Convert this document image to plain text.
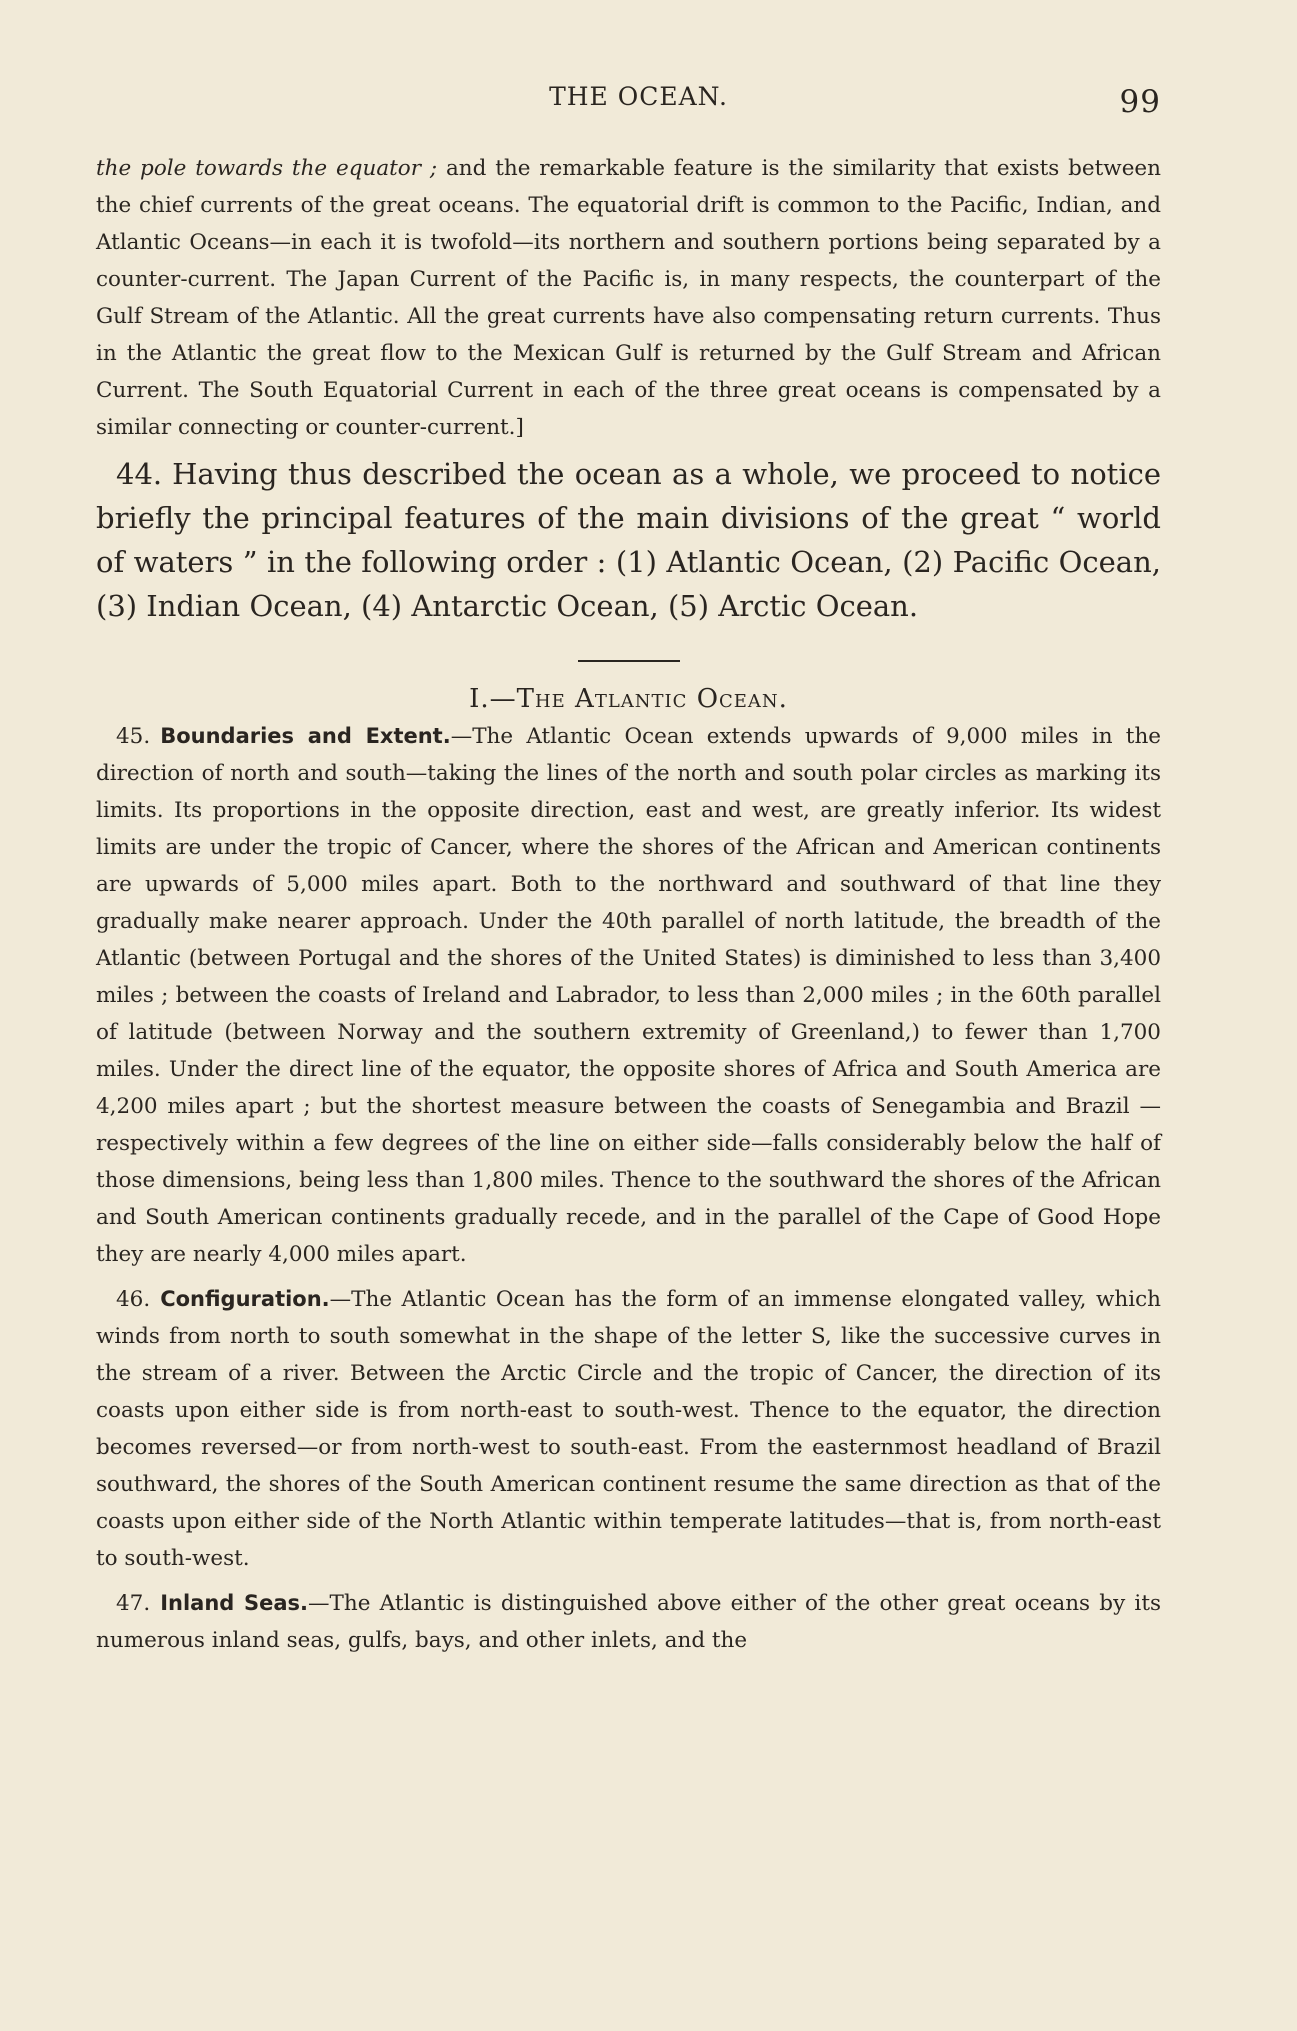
THE OCEAN.	99

the pole towards the equator ; and the remarkable feature is the similarity that exists between the chief currents of the great oceans. The equatorial drift is common to the Pacific, Indian, and Atlantic Oceans—in each it is twofold—its northern and southern portions being separated by a counter-current. The Japan Current of the Pacific is, in many respects, the counterpart of the Gulf Stream of the Atlantic. All the great currents have also compensating return currents. Thus in the Atlantic the great flow to the Mexican Gulf is returned by the Gulf Stream and African Current. The South Equatorial Current in each of the three great oceans is compensated by a similar connecting or counter-current.]

44. Having thus described the ocean as a whole, we proceed to notice briefly the principal features of the main divisions of the great “ world of waters ” in the following order : (1) Atlantic Ocean, (2) Pacific Ocean, (3) Indian Ocean, (4) Antarctic Ocean, (5) Arctic Ocean.

I.—The Atlantic Ocean.

45. Boundaries and Extent.—The Atlantic Ocean extends upwards of 9,000 miles in the direction of north and south—taking the lines of the north and south polar circles as marking its limits. Its proportions in the opposite direction, east and west, are greatly inferior. Its widest limits are under the tropic of Cancer, where the shores of the African and American continents are upwards of 5,000 miles apart. Both to the northward and southward of that line they gradually make nearer approach. Under the 40th parallel of north latitude, the breadth of the Atlantic (between Portugal and the shores of the United States) is diminished to less than 3,400 miles ; between the coasts of Ireland and Labrador, to less than 2,000 miles ; in the 60th parallel of latitude (between Norway and the southern extremity of Greenland,) to fewer than 1,700 miles. Under the direct line of the equator, the opposite shores of Africa and South America are 4,200 miles apart ; but the shortest measure between the coasts of Senegambia and Brazil — respectively within a few degrees of the line on either side—falls considerably below the half of those dimensions, being less than 1,800 miles. Thence to the southward the shores of the African and South American continents gradually recede, and in the parallel of the Cape of Good Hope they are nearly 4,000 miles apart.

46. Configuration.—The Atlantic Ocean has the form of an immense elongated valley, which winds from north to south somewhat in the shape of the letter S, like the successive curves in the stream of a river. Between the Arctic Circle and the tropic of Cancer, the direction of its coasts upon either side is from north-east to south-west. Thence to the equator, the direction becomes reversed—or from north-west to south-east. From the easternmost headland of Brazil southward, the shores of the South American continent resume the same direction as that of the coasts upon either side of the North Atlantic within temperate latitudes—that is, from north-east to south-west.

47. Inland Seas.—The Atlantic is distinguished above either of the other great oceans by its numerous inland seas, gulfs, bays, and other inlets, and the
